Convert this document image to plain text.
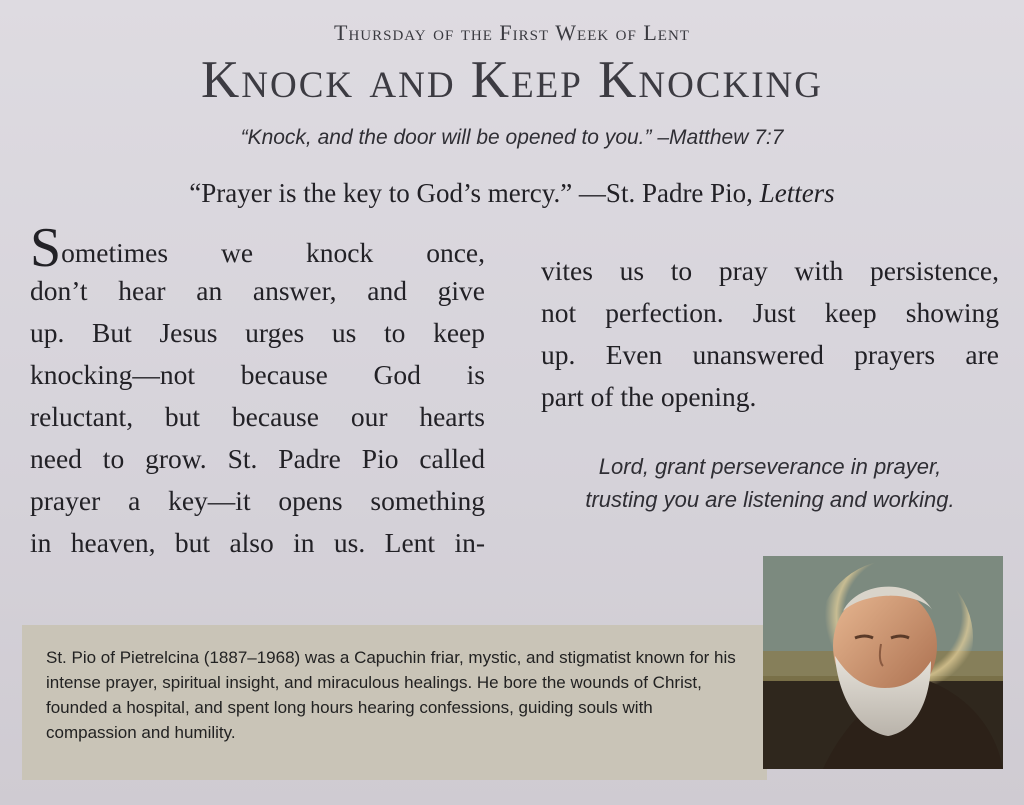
Thursday of the First Week of Lent
Knock and Keep Knocking
“Knock, and the door will be opened to you.” –Matthew 7:7
“Prayer is the key to God’s mercy.” —St. Padre Pio, Letters
Sometimes we knock once,
don’t hear an answer, and give
up. But Jesus urges us to keep
knocking—not because God is
reluctant, but because our hearts
need to grow. St. Padre Pio called
prayer a key—it opens something
in heaven, but also in us. Lent in-
vites us to pray with persistence,
not perfection. Just keep showing
up. Even unanswered prayers are
part of the opening.
Lord, grant perseverance in prayer,
trusting you are listening and working.
St. Pio of Pietrelcina (1887–1968) was a Capuchin friar, mystic, and stigmatist known for his intense prayer, spiritual insight, and miraculous healings. He bore the wounds of Christ, founded a hospital, and spent long hours hearing confessions, guiding souls with compassion and humility.
